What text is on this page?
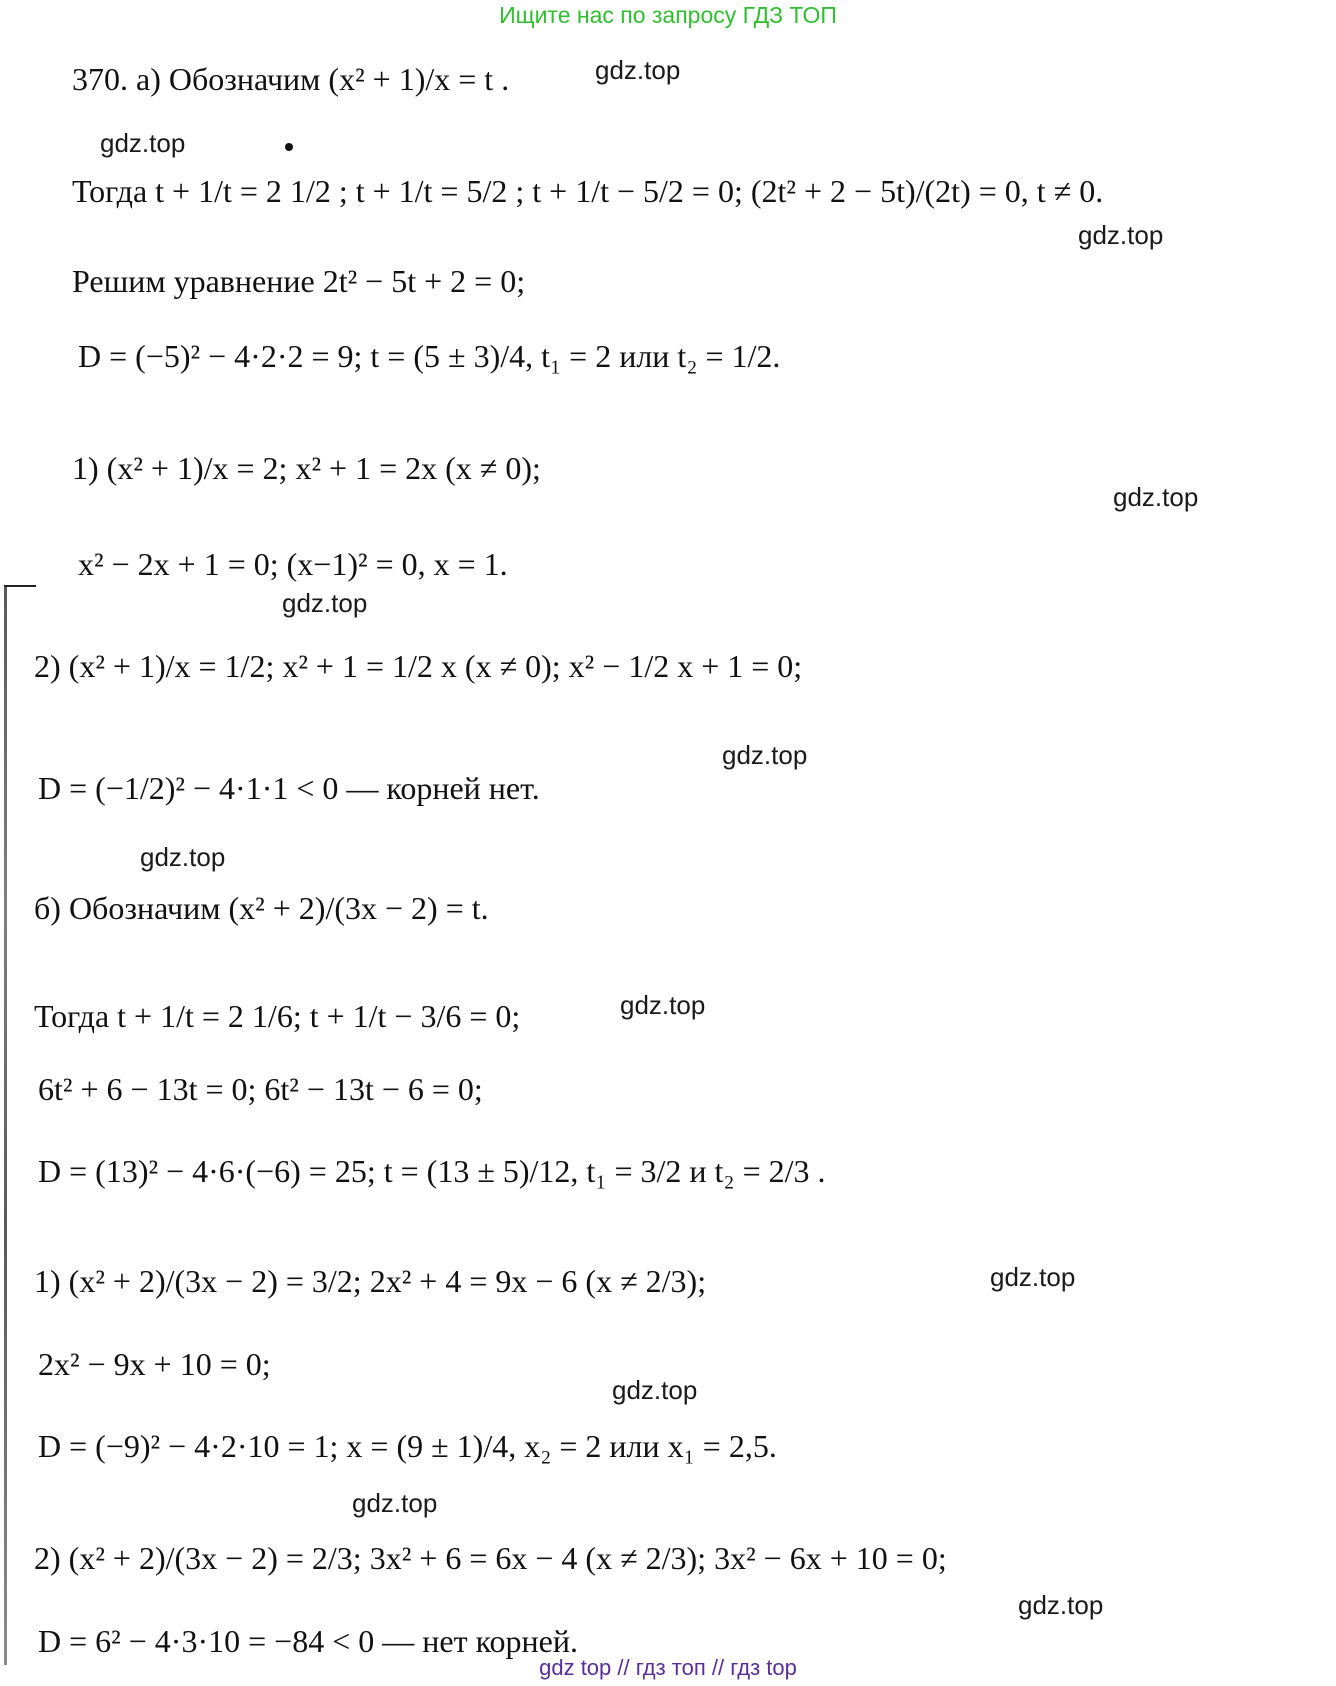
Ищите нас по запросу ГДЗ ТОП
370. а) Обозначим (x² + 1)/x = t .
Тогда t + 1/t = 2 1/2 ; t + 1/t = 5/2 ; t + 1/t − 5/2 = 0; (2t² + 2 − 5t)/(2t) = 0, t ≠ 0.
Решим уравнение 2t² − 5t + 2 = 0;
D = (−5)² − 4·2·2 = 9; t = (5 ± 3)/4, t₁ = 2 или t₂ = 1/2.
1) (x² + 1)/x = 2; x² + 1 = 2x (x ≠ 0);
x² − 2x + 1 = 0; (x−1)² = 0, x = 1.
2) (x² + 1)/x = 1/2; x² + 1 = 1/2 x (x ≠ 0); x² − 1/2 x + 1 = 0;
D = (−1/2)² − 4·1·1 < 0 — корней нет.
б) Обозначим (x² + 2)/(3x − 2) = t.
Тогда t + 1/t = 2 1/6; t + 1/t − 3/6 = 0;
6t² + 6 − 13t = 0; 6t² − 13t − 6 = 0;
D = (13)² − 4·6·(−6) = 25; t = (13 ± 5)/12, t₁ = 3/2 и t₂ = 2/3 .
1) (x² + 2)/(3x − 2) = 3/2; 2x² + 4 = 9x − 6 (x ≠ 2/3);
2x² − 9x + 10 = 0;
D = (−9)² − 4·2·10 = 1; x = (9 ± 1)/4, x₂ = 2 или x₁ = 2,5.
2) (x² + 2)/(3x − 2) = 2/3; 3x² + 6 = 6x − 4 (x ≠ 2/3); 3x² − 6x + 10 = 0;
D = 6² − 4·3·10 = −84 < 0 — нет корней.
gdz.top
gdz.top
gdz.top
gdz.top
gdz.top
gdz.top
gdz.top
gdz.top
gdz.top
gdz.top
gdz.top
gdz.top
gdz top // гдз топ // гдз top
